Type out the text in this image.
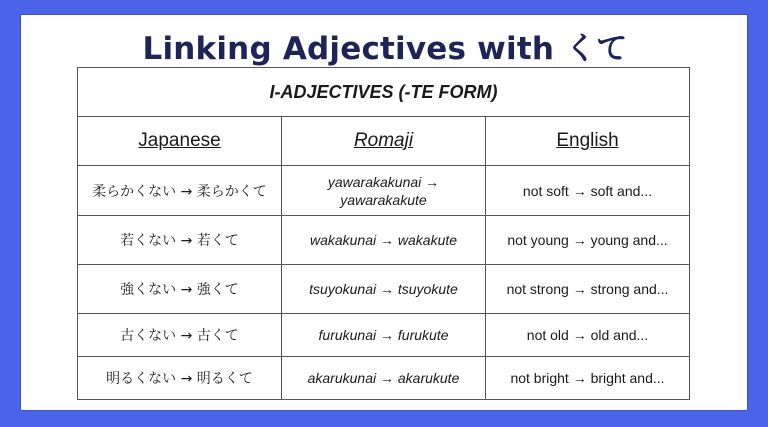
Linking Adjectives with くて
I-ADJECTIVES (-TE FORM)		
Japanese	Romaji	English
柔らかくない → 柔らかくて	yawarakakunai → yawarakakute	not soft → soft and...
若くない → 若くて	wakakunai → wakakute	not young → young and...
強くない → 強くて	tsuyokunai → tsuyokute	not strong → strong and...
古くない → 古くて	furukunai → furukute	not old → old and...
明るくない → 明るくて	akarukunai → akarukute	not bright → bright and...
